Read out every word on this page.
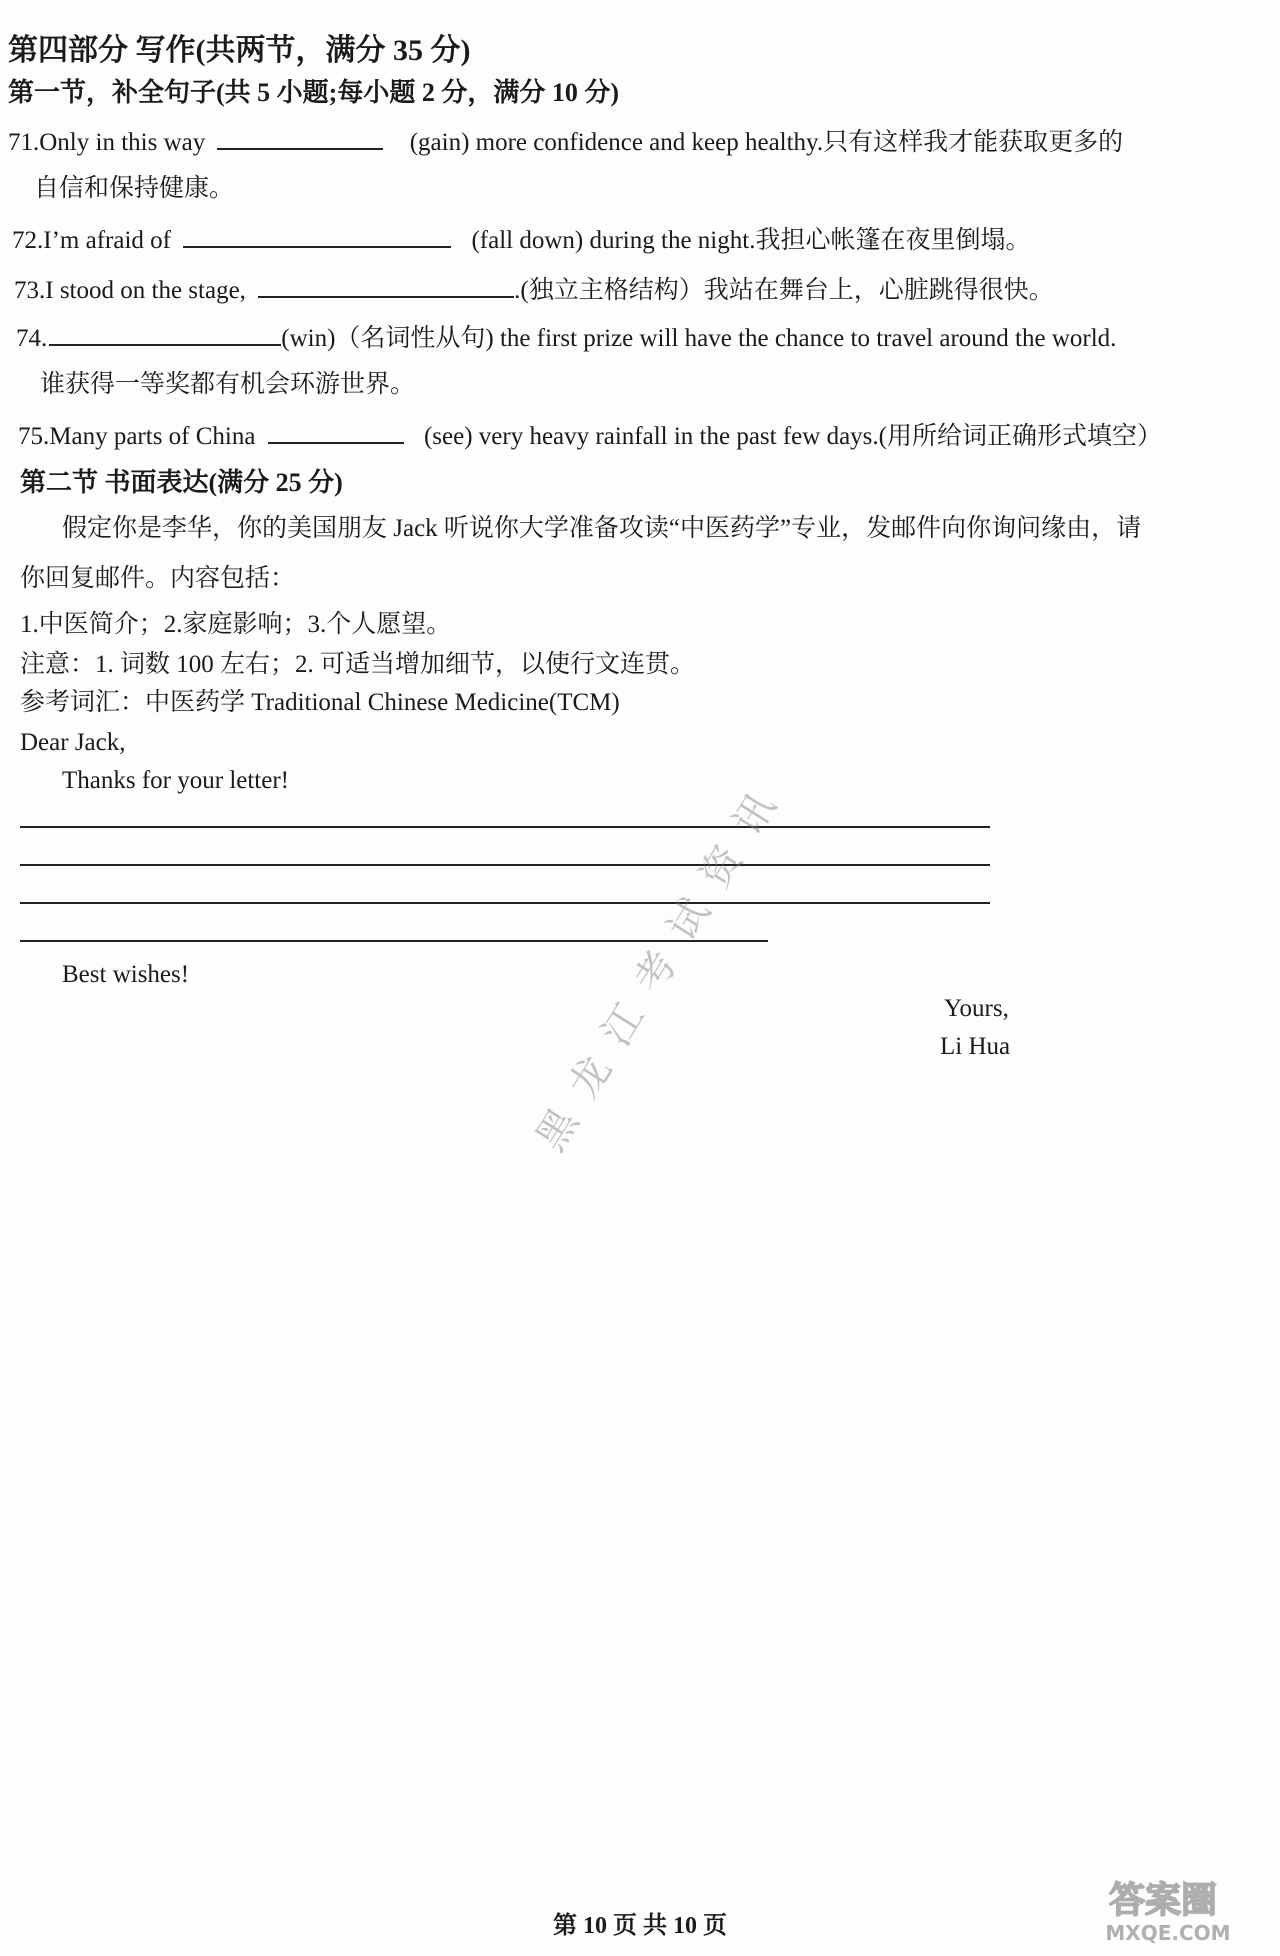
第四部分 写作(共两节，满分 35 分)
第一节，补全句子(共 5 小题;每小题 2 分，满分 10 分)
71.Only in this way	(gain) more confidence and keep healthy.只有这样我才能获取更多的
自信和保持健康。
72.I’m afraid of	(fall down) during the night.我担心帐篷在夜里倒塌。
73.I stood on the stage,	.(独立主格结构）我站在舞台上，心脏跳得很快。
74.	(win)（名词性从句) the first prize will have the chance to travel around the world.
谁获得一等奖都有机会环游世界。
75.Many parts of China	(see) very heavy rainfall in the past few days.(用所给词正确形式填空）
第二节 书面表达(满分 25 分)
假定你是李华，你的美国朋友 Jack 听说你大学准备攻读“中医药学”专业，发邮件向你询问缘由，请
你回复邮件。内容包括：
1.中医简介；2.家庭影响；3.个人愿望。
注意：1. 词数 100 左右；2. 可适当增加细节，以使行文连贯。
参考词汇：中医药学 Traditional Chinese Medicine(TCM)
Dear Jack,
Thanks for your letter!
Best wishes!
Yours,
Li Hua
黑龙江考试资讯
第 10 页 共 10 页
答案圈
MXQE.COM
